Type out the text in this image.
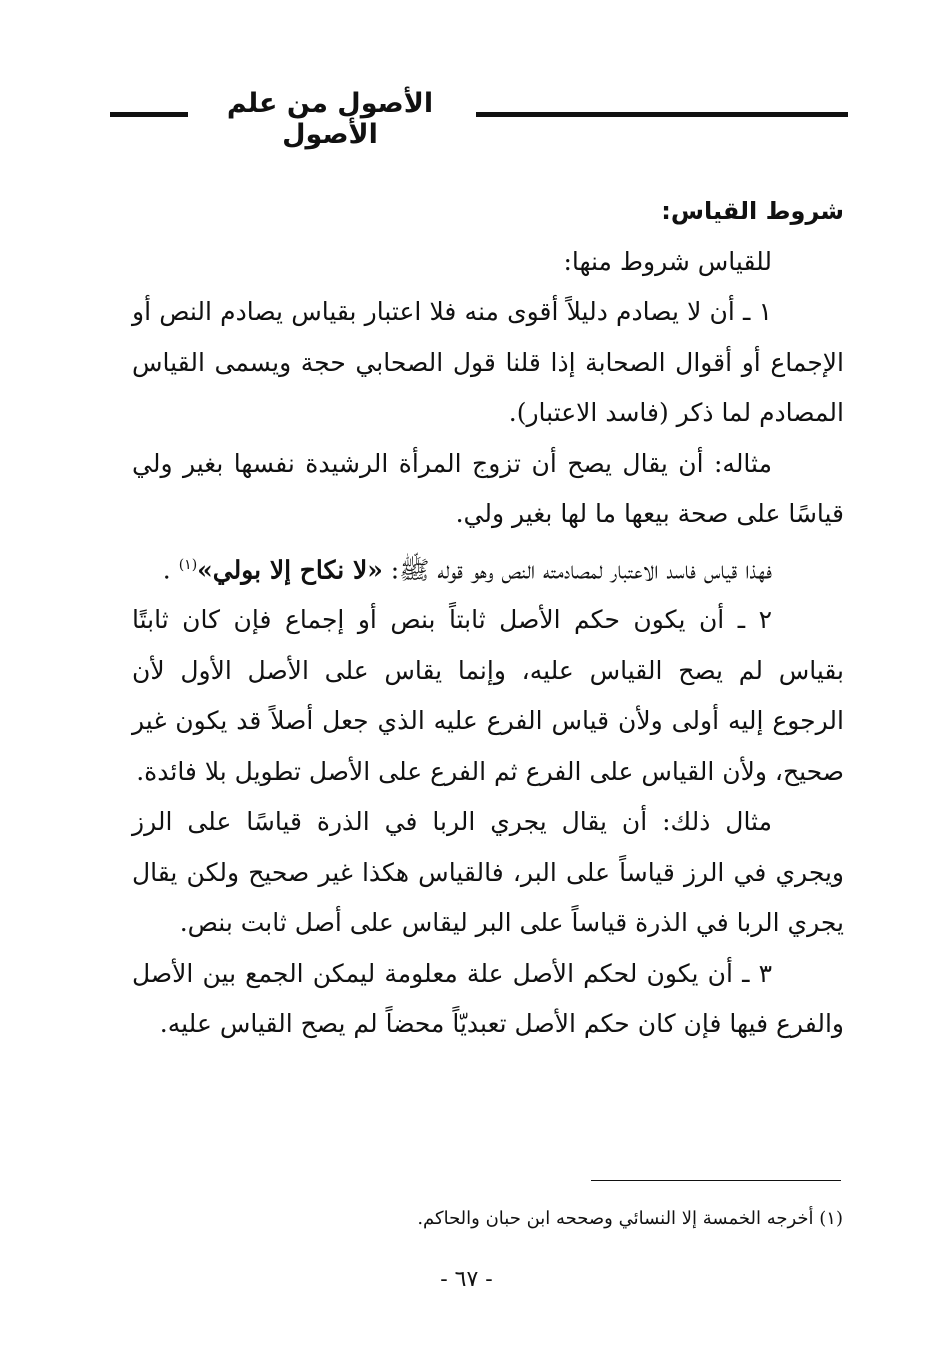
الأصول من علم الأصول

شروط القياس:

للقياس شروط منها:

١ ـ أن لا يصادم دليلاً أقوى منه فلا اعتبار بقياس يصادم النص أو الإجماع أو أقوال الصحابة إذا قلنا قول الصحابي حجة ويسمى القياس المصادم لما ذكر (فاسد الاعتبار).

مثاله: أن يقال يصح أن تزوج المرأة الرشيدة نفسها بغير ولي قياسًا على صحة بيعها ما لها بغير ولي.

فهذا قياس فاسد الاعتبار لمصادمته النص وهو قوله ﷺ: «لا نكاح إلا بولي»$^{(١)}$ .

٢ ـ أن يكون حكم الأصل ثابتاً بنص أو إجماع فإن كان ثابتًا بقياس لم يصح القياس عليه، وإنما يقاس على الأصل الأول لأن الرجوع إليه أولى ولأن قياس الفرع عليه الذي جعل أصلاً قد يكون غير صحيح، ولأن القياس على الفرع ثم الفرع على الأصل تطويل بلا فائدة.

مثال ذلك: أن يقال يجري الربا في الذرة قياسًا على الرز ويجري في الرز قياساً على البر، فالقياس هكذا غير صحيح ولكن يقال يجري الربا في الذرة قياساً على البر ليقاس على أصل ثابت بنص.

٣ ـ أن يكون لحكم الأصل علة معلومة ليمكن الجمع بين الأصل والفرع فيها فإن كان حكم الأصل تعبديّاً محضاً لم يصح القياس عليه.

(١) أخرجه الخمسة إلا النسائي وصححه ابن حبان والحاكم.
- ٦٧ -
